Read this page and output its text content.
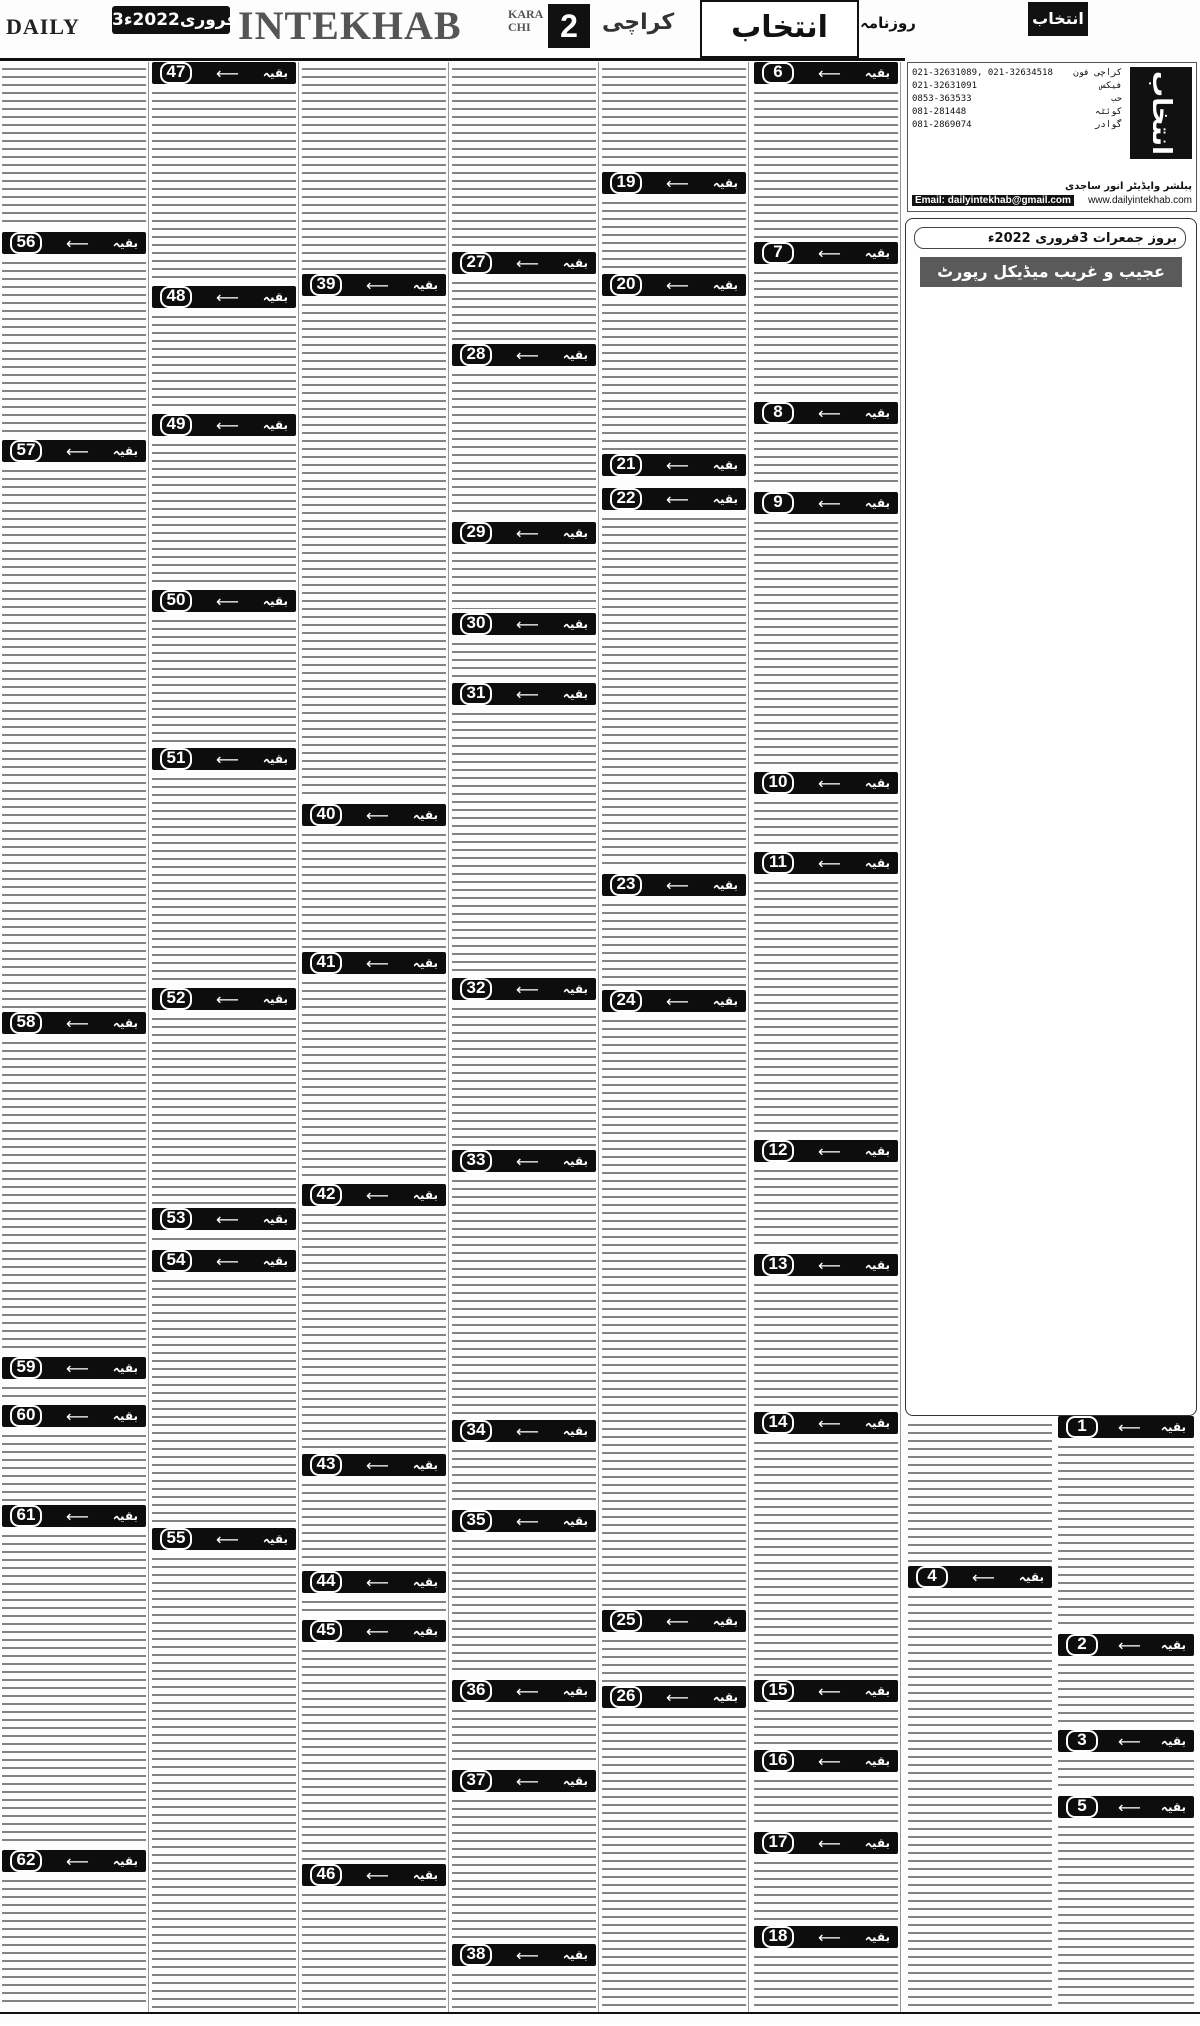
DAILY 3فروری2022ء INTEKHAB	KARA
CHI 2	کراچی	انتخاب	روزنامہ	انتخاب
56	⟵ بقیہ
57	⟵ بقیہ
58	⟵ بقیہ
59	⟵ بقیہ
60	⟵ بقیہ
61	⟵ بقیہ
62	⟵ بقیہ
47	⟵ بقیہ
48	⟵ بقیہ
49	⟵ بقیہ
50	⟵ بقیہ
51	⟵ بقیہ
52	⟵ بقیہ
53	⟵ بقیہ
54	⟵ بقیہ
55	⟵ بقیہ
39	⟵ بقیہ
40	⟵ بقیہ
41	⟵ بقیہ
42	⟵ بقیہ
43	⟵ بقیہ
44	⟵ بقیہ
45	⟵ بقیہ
46	⟵ بقیہ
27	⟵ بقیہ
28	⟵ بقیہ
29	⟵ بقیہ
30	⟵ بقیہ
31	⟵ بقیہ
32	⟵ بقیہ
33	⟵ بقیہ
34	⟵ بقیہ
35	⟵ بقیہ
36	⟵ بقیہ
37	⟵ بقیہ
38	⟵ بقیہ
19	⟵ بقیہ
20	⟵ بقیہ
21	⟵ بقیہ
22	⟵ بقیہ
23	⟵ بقیہ
24	⟵ بقیہ
25	⟵ بقیہ
26	⟵ بقیہ
6	⟵ بقیہ
7	⟵ بقیہ
8	⟵ بقیہ
9	⟵ بقیہ
10	⟵ بقیہ
11	⟵ بقیہ
12	⟵ بقیہ
13	⟵ بقیہ
14	⟵ بقیہ
15	⟵ بقیہ
16	⟵ بقیہ
17	⟵ بقیہ
18	⟵ بقیہ
4	⟵ بقیہ
1	⟵ بقیہ
2	⟵ بقیہ
3	⟵ بقیہ
5	⟵ بقیہ
انتخاب
021-32631089, 021-32634518 کراچی فون
021-32631091	فیکس
0853-363533	حب
081-281448	کوئٹہ
081-2869074	گوادر
پبلشر وایڈیٹر انور ساجدی
Email: dailyintekhab@gmail.com	www.dailyintekhab.com
بروز جمعرات 3فروری 2022ء
عجیب و غریب میڈیکل رپورٹ
